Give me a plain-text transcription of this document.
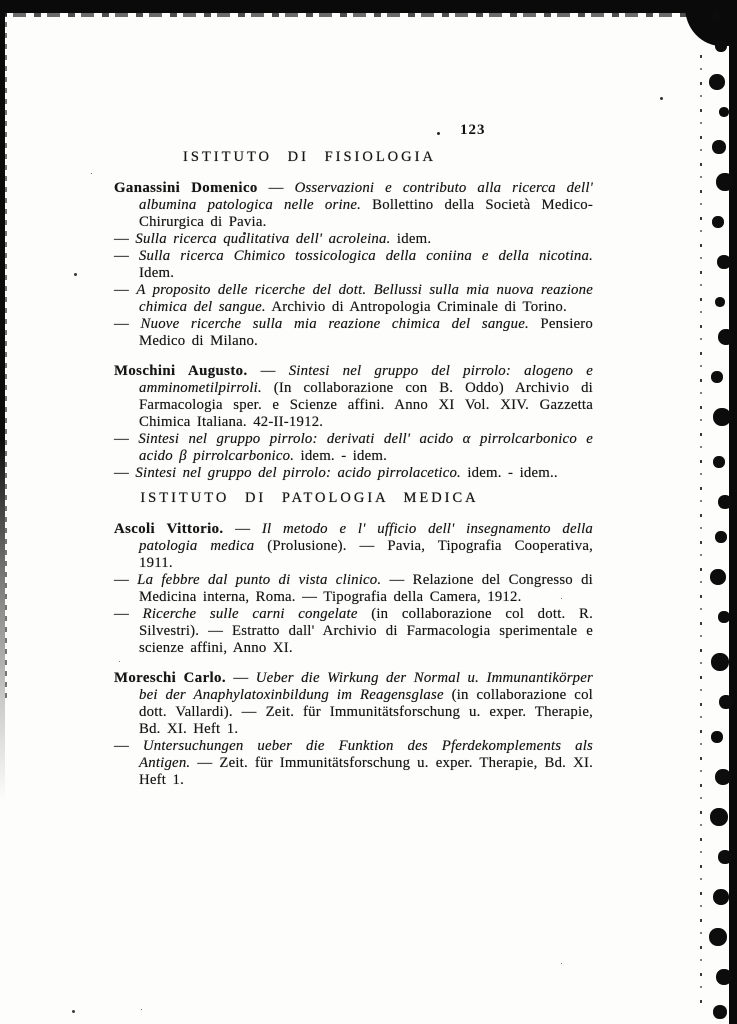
123
ISTITUTO DI FISIOLOGIA

Ganassini Domenico — Osservazioni e contributo alla ricerca dell' albumina patologica nelle orine. Bollettino della Società Medico-Chirurgica di Pavia.

— Sulla ricerca qualitativa dell' acroleina. idem.

— Sulla ricerca Chimico tossicologica della coniina e della nicotina. Idem.

— A proposito delle ricerche del dott. Bellussi sulla mia nuova reazione chimica del sangue. Archivio di Antropologia Criminale di Torino.

— Nuove ricerche sulla mia reazione chimica del sangue. Pensiero Medico di Milano.

Moschini Augusto. — Sintesi nel gruppo del pirrolo: alogeno e amminometilpirroli. (In collaborazione con B. Oddo) Archivio di Farmacologia sper. e Scienze affini. Anno XI Vol. XIV. Gazzetta Chimica Italiana. 42-II-1912.

— Sintesi nel gruppo pirrolo: derivati dell' acido α pirrolcarbonico e acido β pirrolcarbonico. idem. - idem.

— Sintesi nel gruppo del pirrolo: acido pirrolacetico. idem. - idem..

ISTITUTO DI PATOLOGIA MEDICA

Ascoli Vittorio. — Il metodo e l' ufficio dell' insegnamento della patologia medica (Prolusione). — Pavia, Tipografia Cooperativa, 1911.

— La febbre dal punto di vista clinico. — Relazione del Congresso di Medicina interna, Roma. — Tipografia della Camera, 1912.

— Ricerche sulle carni congelate (in collaborazione col dott. R. Silvestri). — Estratto dall' Archivio di Farmacologia sperimentale e scienze affini, Anno XI.

Moreschi Carlo. — Ueber die Wirkung der Normal u. Immunantikörper bei der Anaphylatoxinbildung im Reagensglase (in collaborazione col dott. Vallardi). — Zeit. für Immunitätsforschung u. exper. Therapie, Bd. XI. Heft 1.

— Untersuchungen ueber die Funktion des Pferdekomplements als Antigen. — Zeit. für Immunitätsforschung u. exper. Therapie, Bd. XI. Heft 1.
